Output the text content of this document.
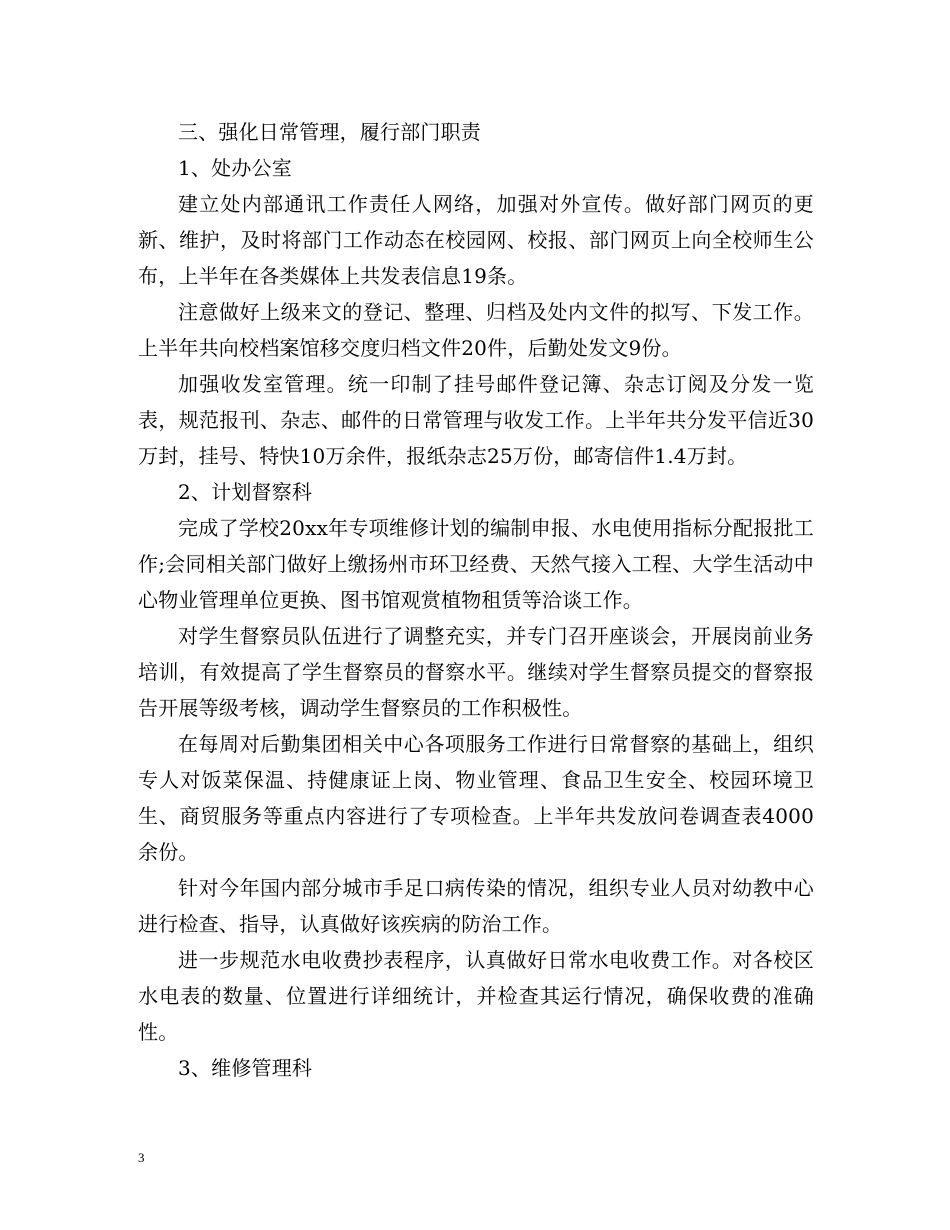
三、强化日常管理，履行部门职责

1、处办公室

建立处内部通讯工作责任人网络，加强对外宣传。做好部门网页的更新、维护，及时将部门工作动态在校园网、校报、部门网页上向全校师生公布，上半年在各类媒体上共发表信息19条。

注意做好上级来文的登记、整理、归档及处内文件的拟写、下发工作。上半年共向校档案馆移交度归档文件20件，后勤处发文9份。

加强收发室管理。统一印制了挂号邮件登记簿、杂志订阅及分发一览表，规范报刊、杂志、邮件的日常管理与收发工作。上半年共分发平信近30万封，挂号、特快10万余件，报纸杂志25万份，邮寄信件1.4万封。

2、计划督察科

完成了学校20xx年专项维修计划的编制申报、水电使用指标分配报批工作;会同相关部门做好上缴扬州市环卫经费、天然气接入工程、大学生活动中心物业管理单位更换、图书馆观赏植物租赁等洽谈工作。

对学生督察员队伍进行了调整充实，并专门召开座谈会，开展岗前业务培训，有效提高了学生督察员的督察水平。继续对学生督察员提交的督察报告开展等级考核，调动学生督察员的工作积极性。

在每周对后勤集团相关中心各项服务工作进行日常督察的基础上，组织专人对饭菜保温、持健康证上岗、物业管理、食品卫生安全、校园环境卫生、商贸服务等重点内容进行了专项检查。上半年共发放问卷调查表4000余份。

针对今年国内部分城市手足口病传染的情况，组织专业人员对幼教中心进行检查、指导，认真做好该疾病的防治工作。

进一步规范水电收费抄表程序，认真做好日常水电收费工作。对各校区水电表的数量、位置进行详细统计，并检查其运行情况，确保收费的准确性。

3、维修管理科

3
